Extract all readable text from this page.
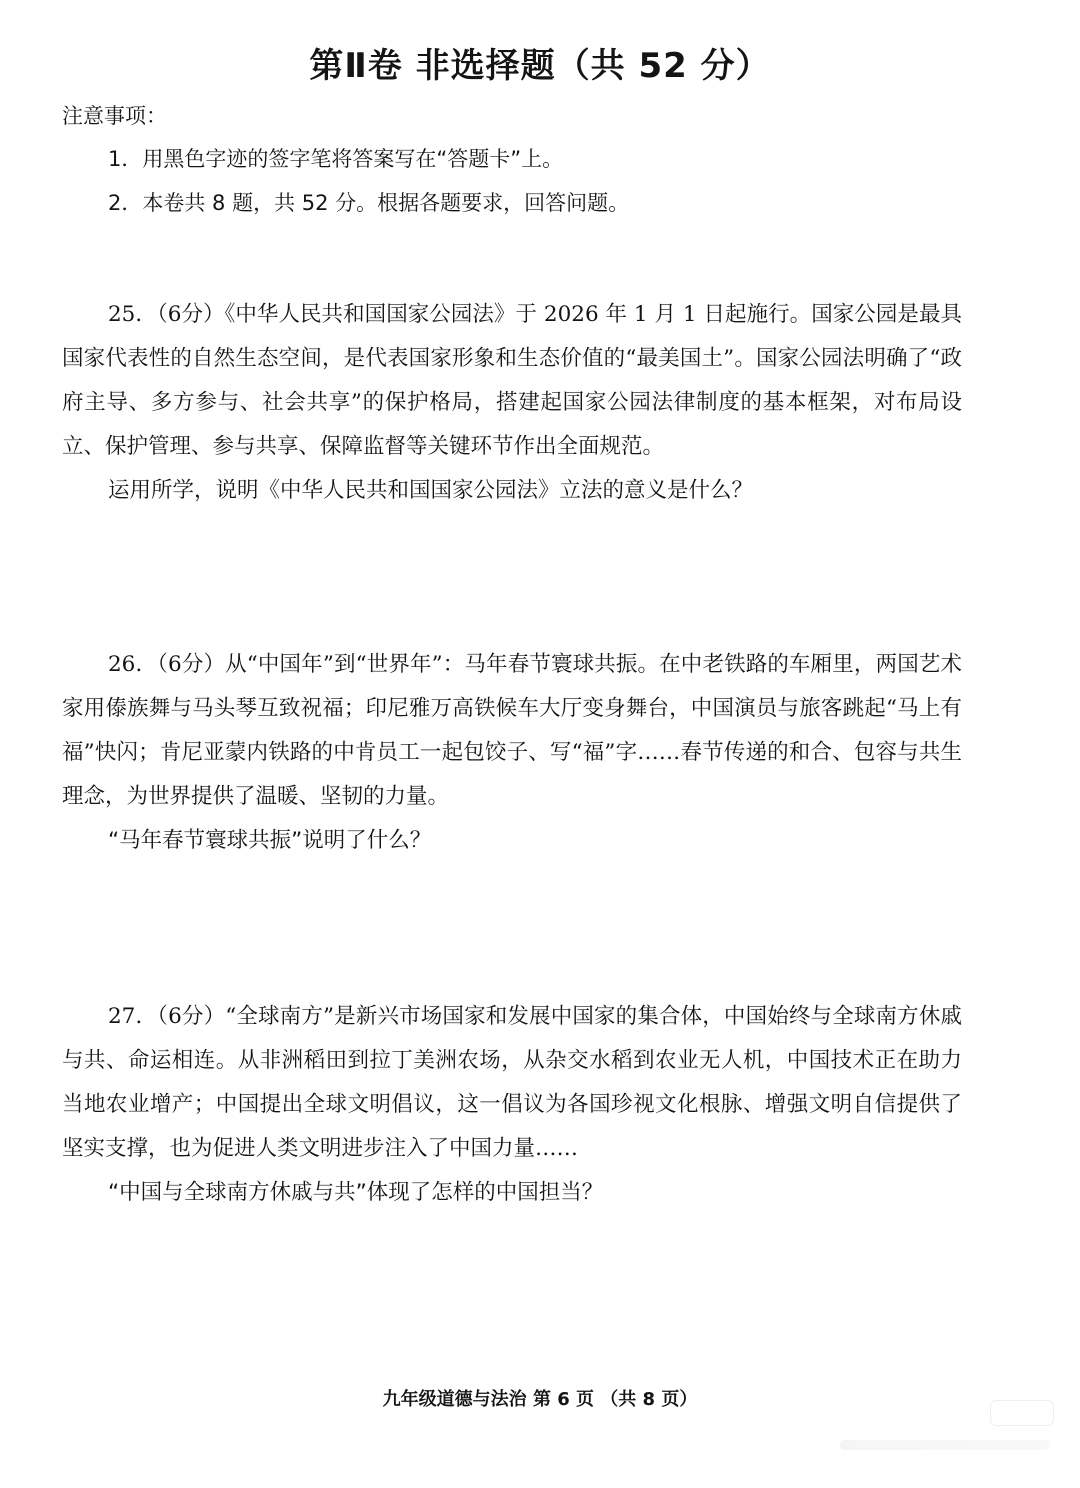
第Ⅱ卷 非选择题（共 52 分）
注意事项：
1．用黑色字迹的签字笔将答案写在“答题卡”上。
2．本卷共 8 题，共 52 分。根据各题要求，回答问题。

25．（6分）《中华人民共和国国家公园法》于 2026 年 1 月 1 日起施行。国家公园是最具国家代表性的自然生态空间，是代表国家形象和生态价值的“最美国土”。国家公园法明确了“政府主导、多方参与、社会共享”的保护格局，搭建起国家公园法律制度的基本框架，对布局设立、保护管理、参与共享、保障监督等关键环节作出全面规范。

运用所学，说明《中华人民共和国国家公园法》立法的意义是什么？

26．（6分）从“中国年”到“世界年”：马年春节寰球共振。在中老铁路的车厢里，两国艺术家用傣族舞与马头琴互致祝福；印尼雅万高铁候车大厅变身舞台，中国演员与旅客跳起“马上有福”快闪；肯尼亚蒙内铁路的中肯员工一起包饺子、写“福”字……春节传递的和合、包容与共生理念，为世界提供了温暖、坚韧的力量。

“马年春节寰球共振”说明了什么？

27．（6分）“全球南方”是新兴市场国家和发展中国家的集合体，中国始终与全球南方休戚与共、命运相连。从非洲稻田到拉丁美洲农场，从杂交水稻到农业无人机，中国技术正在助力当地农业增产；中国提出全球文明倡议，这一倡议为各国珍视文化根脉、增强文明自信提供了坚实支撑，也为促进人类文明进步注入了中国力量……

“中国与全球南方休戚与共”体现了怎样的中国担当？

九年级道德与法治 第 6 页 （共 8 页）
